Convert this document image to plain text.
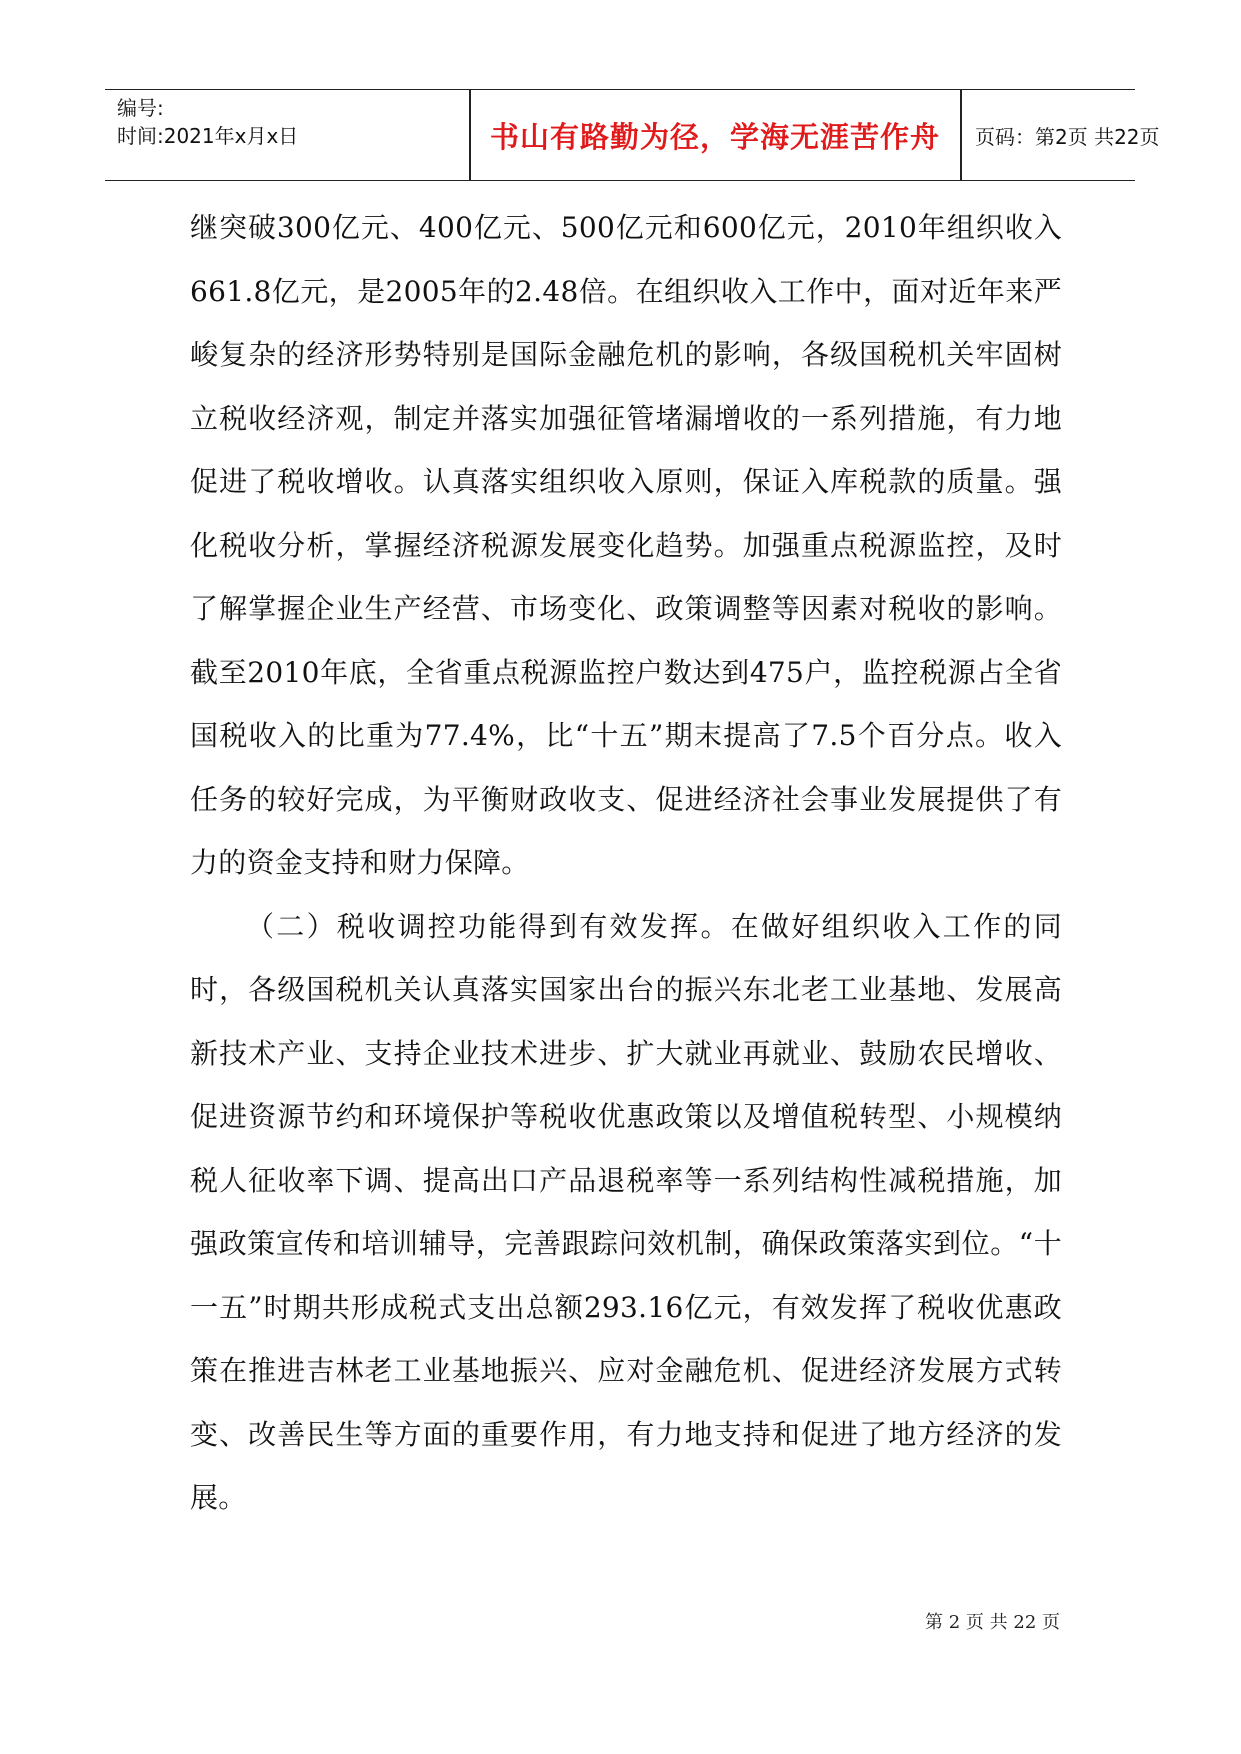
编号:
时间:2021年x月x日	书山有路勤为径，学海无涯苦作舟	页码：第2页 共22页

继突破300亿元、400亿元、500亿元和600亿元，2010年组织收入661.8亿元，是2005年的2.48倍。在组织收入工作中，面对近年来严峻复杂的经济形势特别是国际金融危机的影响，各级国税机关牢固树立税收经济观，制定并落实加强征管堵漏增收的一系列措施，有力地促进了税收增收。认真落实组织收入原则，保证入库税款的质量。强化税收分析，掌握经济税源发展变化趋势。加强重点税源监控，及时了解掌握企业生产经营、市场变化、政策调整等因素对税收的影响。截至2010年底，全省重点税源监控户数达到475户，监控税源占全省国税收入的比重为77.4%，比“十五”期末提高了7.5个百分点。收入任务的较好完成，为平衡财政收支、促进经济社会事业发展提供了有力的资金支持和财力保障。

（二）税收调控功能得到有效发挥。在做好组织收入工作的同时，各级国税机关认真落实国家出台的振兴东北老工业基地、发展高新技术产业、支持企业技术进步、扩大就业再就业、鼓励农民增收、促进资源节约和环境保护等税收优惠政策以及增值税转型、小规模纳税人征收率下调、提高出口产品退税率等一系列结构性减税措施，加强政策宣传和培训辅导，完善跟踪问效机制，确保政策落实到位。“十一五”时期共形成税式支出总额293.16亿元，有效发挥了税收优惠政策在推进吉林老工业基地振兴、应对金融危机、促进经济发展方式转变、改善民生等方面的重要作用，有力地支持和促进了地方经济的发展。

第 2 页 共 22 页
